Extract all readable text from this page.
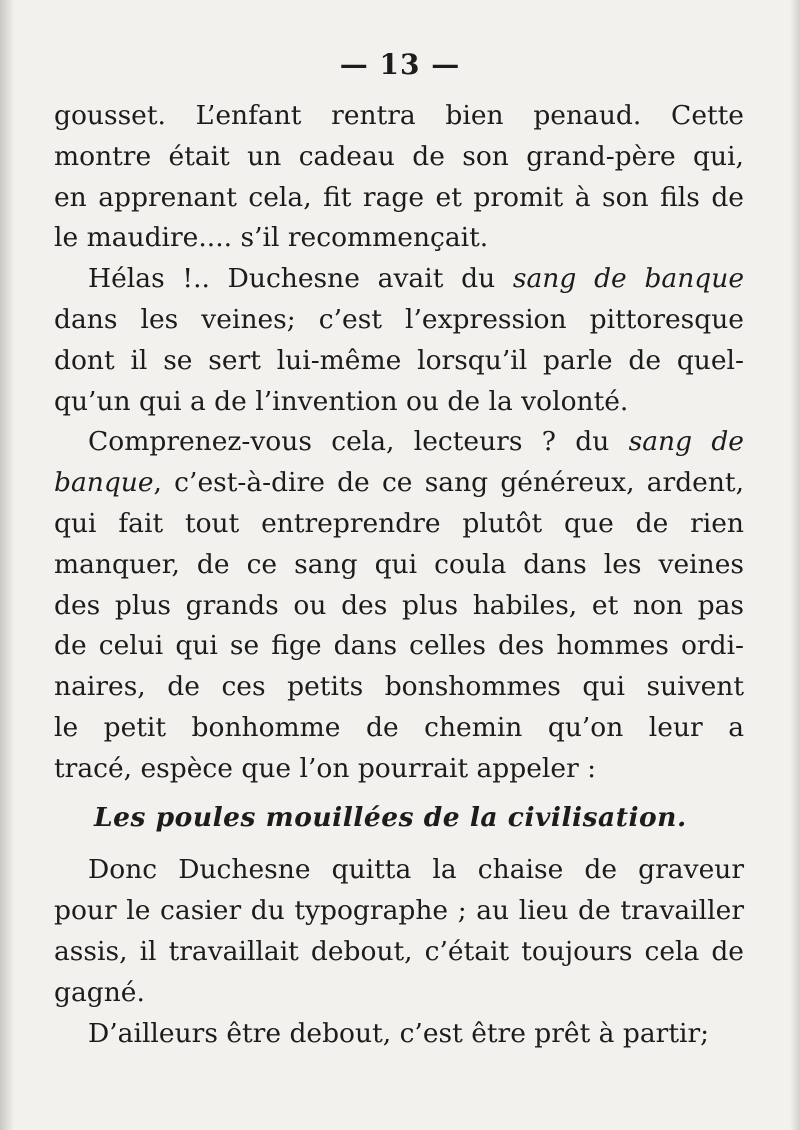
— 13 —
gousset. L’enfant rentra bien penaud. Cette
montre était un cadeau de son grand-père qui,
en apprenant cela, fit rage et promit à son fils de
le maudire.... s’il recommençait.
Hélas !.. Duchesne avait du sang de banque
dans les veines; c’est l’expression pittoresque
dont il se sert lui-même lorsqu’il parle de quel-
qu’un qui a de l’invention ou de la volonté.
Comprenez-vous cela, lecteurs ? du sang de
banque, c’est-à-dire de ce sang généreux, ardent,
qui fait tout entreprendre plutôt que de rien
manquer, de ce sang qui coula dans les veines
des plus grands ou des plus habiles, et non pas
de celui qui se fige dans celles des hommes ordi-
naires, de ces petits bonshommes qui suivent
le petit bonhomme de chemin qu’on leur a
tracé, espèce que l’on pourrait appeler :
Les poules mouillées de la civilisation.
Donc Duchesne quitta la chaise de graveur
pour le casier du typographe ; au lieu de travailler
assis, il travaillait debout, c’était toujours cela de
gagné.
D’ailleurs être debout, c’est être prêt à partir;
